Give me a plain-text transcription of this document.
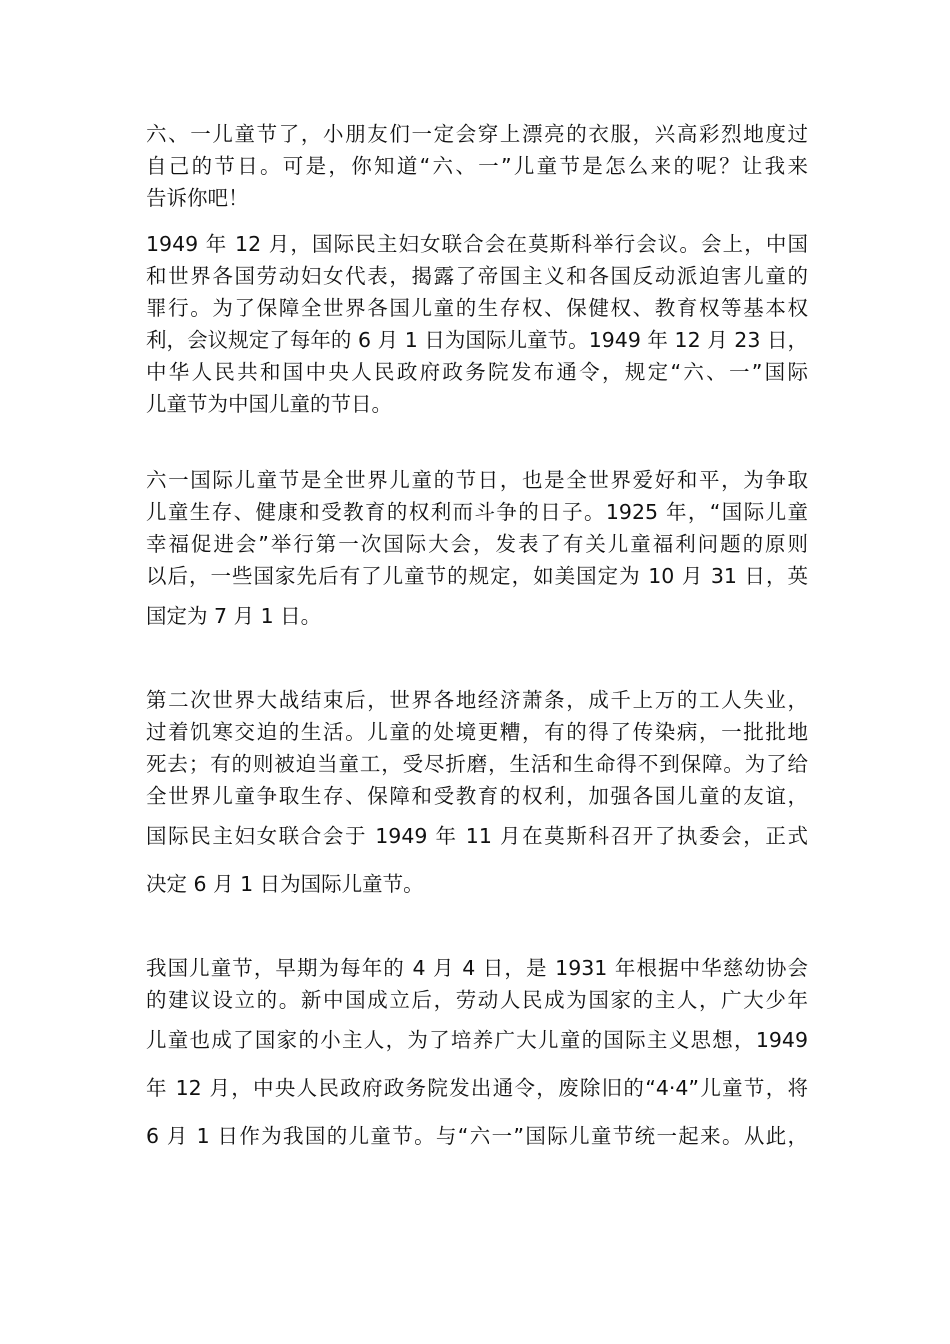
六、一儿童节了，小朋友们一定会穿上漂亮的衣服，兴高彩烈地度过
自己的节日。可是，你知道“六、一”儿童节是怎么来的呢？让我来
告诉你吧！
1949 年 12 月，国际民主妇女联合会在莫斯科举行会议。会上，中国
和世界各国劳动妇女代表，揭露了帝国主义和各国反动派迫害儿童的
罪行。为了保障全世界各国儿童的生存权、保健权、教育权等基本权
利，会议规定了每年的 6 月 1 日为国际儿童节。1949 年 12 月 23 日，
中华人民共和国中央人民政府政务院发布通令，规定“六、一”国际
儿童节为中国儿童的节日。
六一国际儿童节是全世界儿童的节日，也是全世界爱好和平，为争取
儿童生存、健康和受教育的权利而斗争的日子。1925 年，“国际儿童
幸福促进会”举行第一次国际大会，发表了有关儿童福利问题的原则
以后，一些国家先后有了儿童节的规定，如美国定为 10 月 31 日，英
国定为 7 月 1 日。
第二次世界大战结束后，世界各地经济萧条，成千上万的工人失业，
过着饥寒交迫的生活。儿童的处境更糟，有的得了传染病，一批批地
死去；有的则被迫当童工，受尽折磨，生活和生命得不到保障。为了给
全世界儿童争取生存、保障和受教育的权利，加强各国儿童的友谊，
国际民主妇女联合会于 1949 年 11 月在莫斯科召开了执委会，正式
决定 6 月 1 日为国际儿童节。
我国儿童节，早期为每年的 4 月 4 日，是 1931 年根据中华慈幼协会
的建议设立的。新中国成立后，劳动人民成为国家的主人，广大少年
儿童也成了国家的小主人，为了培养广大儿童的国际主义思想，1949
年 12 月，中央人民政府政务院发出通令，废除旧的“4·4”儿童节，将
6 月 1 日作为我国的儿童节。与“六一”国际儿童节统一起来。从此，
